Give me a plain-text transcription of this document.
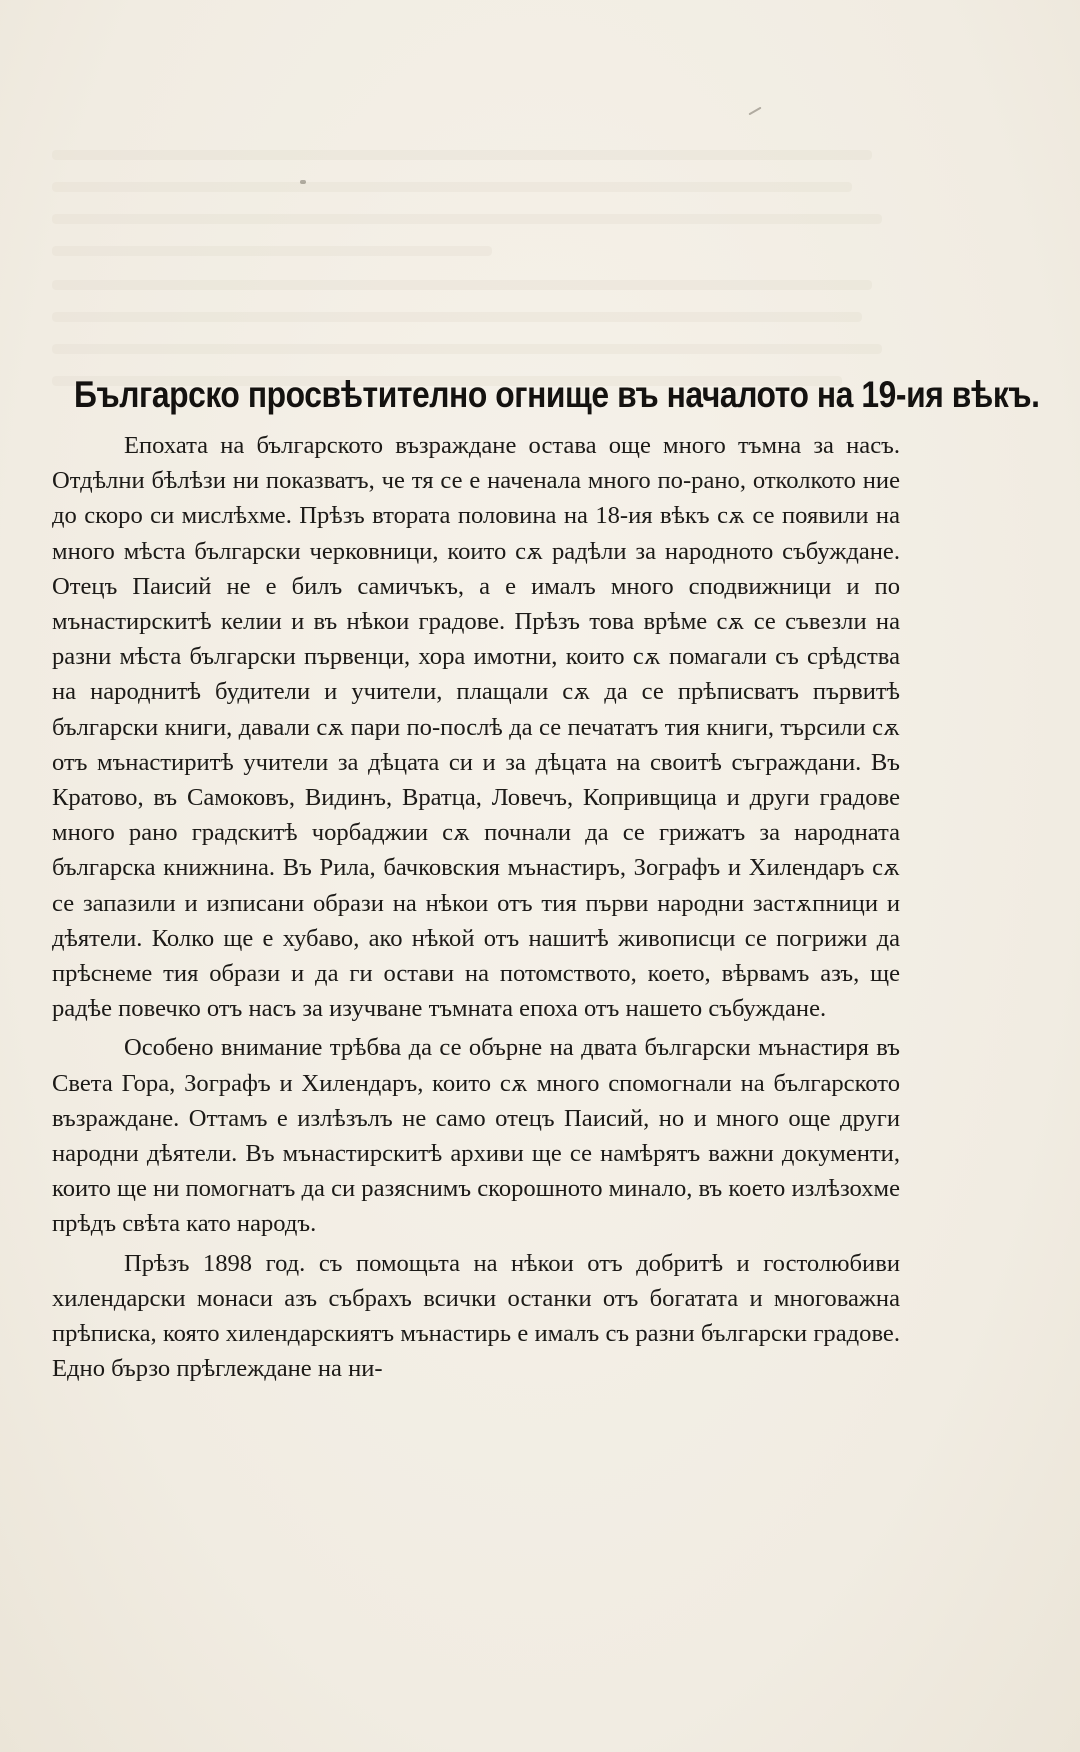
Българско просвѣтително огнище въ началото на 19-ия вѣкъ.

Епохата на българското възраждане остава още много тъмна за насъ. Отдѣлни бѣлѣзи ни показватъ, че тя се е наченала много по-рано, отколкото ние до скоро си мислѣхме. Прѣзъ втората половина на 18-ия вѣкъ сѫ се появили на много мѣста български черковници, които сѫ радѣли за народното събуждане. Отецъ Паисий не е билъ самичъкъ, а е ималъ много сподвижници и по мънастирскитѣ келии и въ нѣкои градове. Прѣзъ това врѣме сѫ се съвезли на разни мѣста български първенци, хора имотни, които сѫ помагали съ срѣдства на народнитѣ будители и учители, плащали сѫ да се прѣписватъ първитѣ български книги, давали сѫ пари по-послѣ да се печататъ тия книги, търсили сѫ отъ мънастиритѣ учители за дѣцата си и за дѣцата на своитѣ съграждани. Въ Кратово, въ Самоковъ, Видинъ, Вратца, Ловечъ, Копривщица и други градове много рано градскитѣ чорбаджии сѫ почнали да се грижатъ за народната българска книжнина. Въ Рила, бачковския мънастиръ, Зографъ и Хилендаръ сѫ се запазили и изписани образи на нѣкои отъ тия първи народни застѫпници и дѣятели. Колко ще е хубаво, ако нѣкой отъ нашитѣ живописци се погрижи да прѣснеме тия образи и да ги остави на потомството, което, вѣрвамъ азъ, ще радѣе повечко отъ насъ за изучване тъмната епоха отъ нашето събуждане.

Особено внимание трѣбва да се обърне на двата български мънастиря въ Света Гора, Зографъ и Хилендаръ, които сѫ много спомогнали на българското възраждане. Оттамъ е излѣзълъ не само отецъ Паисий, но и много още други народни дѣятели. Въ мънастирскитѣ архиви ще се намѣрятъ важни документи, които ще ни помогнатъ да си разяснимъ скорошното минало, въ което излѣзохме прѣдъ свѣта като народъ.

Прѣзъ 1898 год. съ помощьта на нѣкои отъ добритѣ и гостолюбиви хилендарски монаси азъ събрахъ всички останки отъ богатата и многоважна прѣписка, която хилендарскиятъ мънастирь е ималъ съ разни български градове. Едно бързо прѣглеждане на ни-
